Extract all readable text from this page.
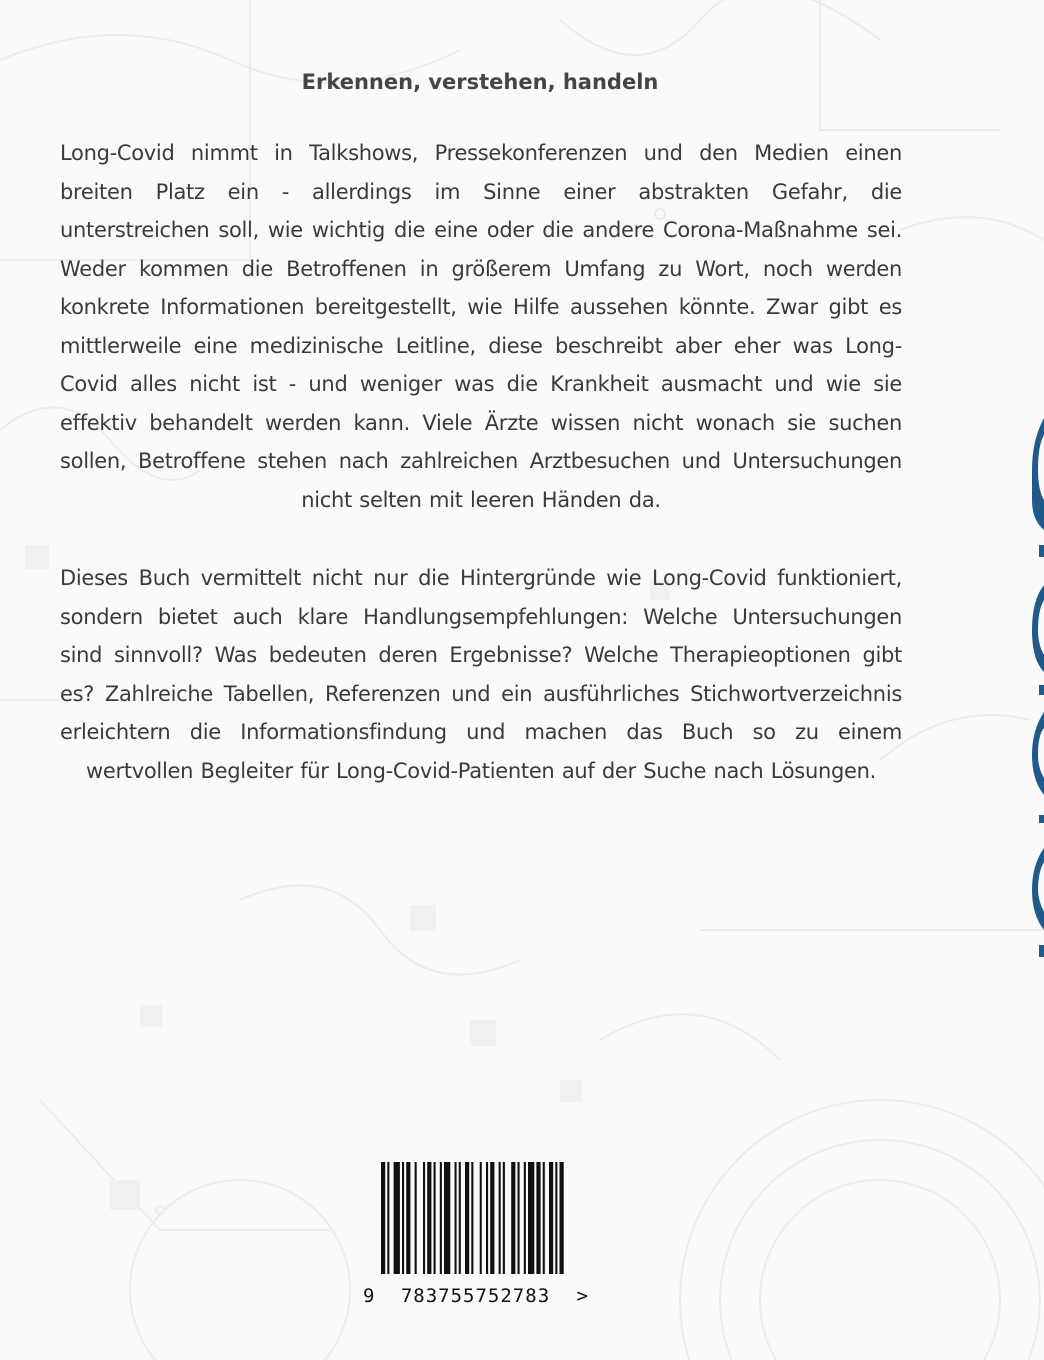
Erkennen, verstehen, handeln

Long-Covid nimmt in Talkshows, Pressekonferenzen und den Medien einen breiten Platz ein - allerdings im Sinne einer abstrakten Gefahr, die unterstreichen soll, wie wichtig die eine oder die andere Corona-Maßnahme sei. Weder kommen die Betroffenen in größerem Umfang zu Wort, noch werden konkrete Informationen bereitgestellt, wie Hilfe aussehen könnte. Zwar gibt es mittlerweile eine medizinische Leitline, diese beschreibt aber eher was Long-Covid alles nicht ist - und weniger was die Krankheit ausmacht und wie sie effektiv behandelt werden kann. Viele Ärzte wissen nicht wonach sie suchen sollen, Betroffene stehen nach zahlreichen Arztbesuchen und Untersuchungen nicht selten mit leeren Händen da.

Dieses Buch vermittelt nicht nur die Hintergründe wie Long-Covid funktioniert, sondern bietet auch klare Handlungsempfehlungen: Welche Untersuchungen sind sinnvoll? Was bedeuten deren Ergebnisse? Welche Therapieoptionen gibt es? Zahlreiche Tabellen, Referenzen und ein ausführliches Stichwortverzeichnis erleichtern die Informationsfindung und machen das Buch so zu einem wertvollen Begleiter für Long-Covid-Patienten auf der Suche nach Lösungen.

9 783755752783 >
